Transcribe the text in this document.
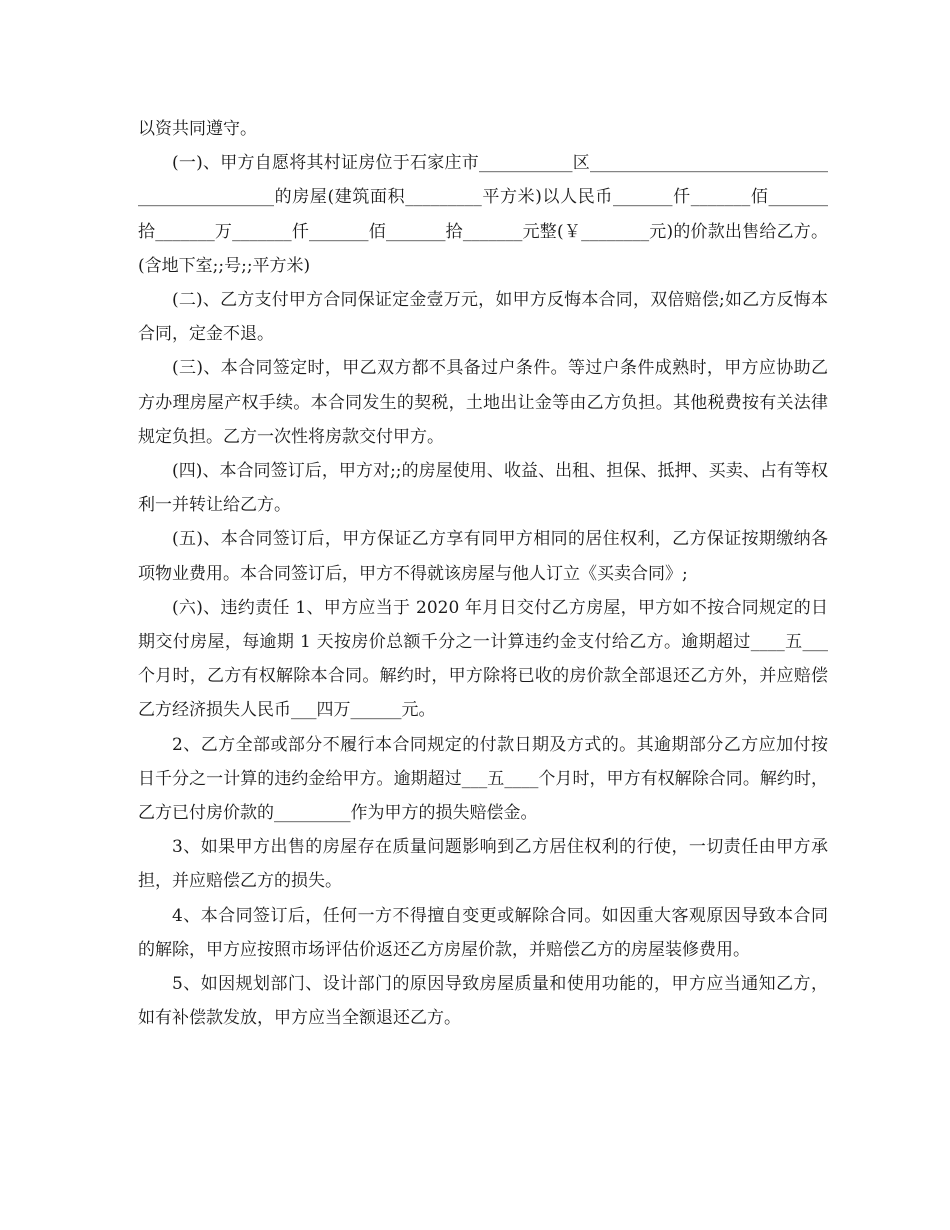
以资共同遵守。

(一)、甲方自愿将其村证房位于石家庄市___________区____________________________________________的房屋(建筑面积_________平方米)以人民币_______仟_______佰_______拾_______万_______仟_______佰_______拾_______元整(￥________元)的价款出售给乙方。(含地下室;;号;;平方米)

(二)、乙方支付甲方合同保证定金壹万元，如甲方反悔本合同，双倍赔偿;如乙方反悔本合同，定金不退。

(三)、本合同签定时，甲乙双方都不具备过户条件。等过户条件成熟时，甲方应协助乙方办理房屋产权手续。本合同发生的契税，土地出让金等由乙方负担。其他税费按有关法律规定负担。乙方一次性将房款交付甲方。

(四)、本合同签订后，甲方对;;的房屋使用、收益、出租、担保、抵押、买卖、占有等权利一并转让给乙方。

(五)、本合同签订后，甲方保证乙方享有同甲方相同的居住权利，乙方保证按期缴纳各项物业费用。本合同签订后，甲方不得就该房屋与他人订立《买卖合同》;

(六)、违约责任 1、甲方应当于 2020 年月日交付乙方房屋，甲方如不按合同规定的日期交付房屋，每逾期 1 天按房价总额千分之一计算违约金支付给乙方。逾期超过____五___个月时，乙方有权解除本合同。解约时，甲方除将已收的房价款全部退还乙方外，并应赔偿乙方经济损失人民币___四万______元。

2、乙方全部或部分不履行本合同规定的付款日期及方式的。其逾期部分乙方应加付按日千分之一计算的违约金给甲方。逾期超过___五____个月时，甲方有权解除合同。解约时，乙方已付房价款的_________作为甲方的损失赔偿金。

3、如果甲方出售的房屋存在质量问题影响到乙方居住权利的行使，一切责任由甲方承担，并应赔偿乙方的损失。

4、本合同签订后，任何一方不得擅自变更或解除合同。如因重大客观原因导致本合同的解除，甲方应按照市场评估价返还乙方房屋价款，并赔偿乙方的房屋装修费用。

5、如因规划部门、设计部门的原因导致房屋质量和使用功能的，甲方应当通知乙方，如有补偿款发放，甲方应当全额退还乙方。
